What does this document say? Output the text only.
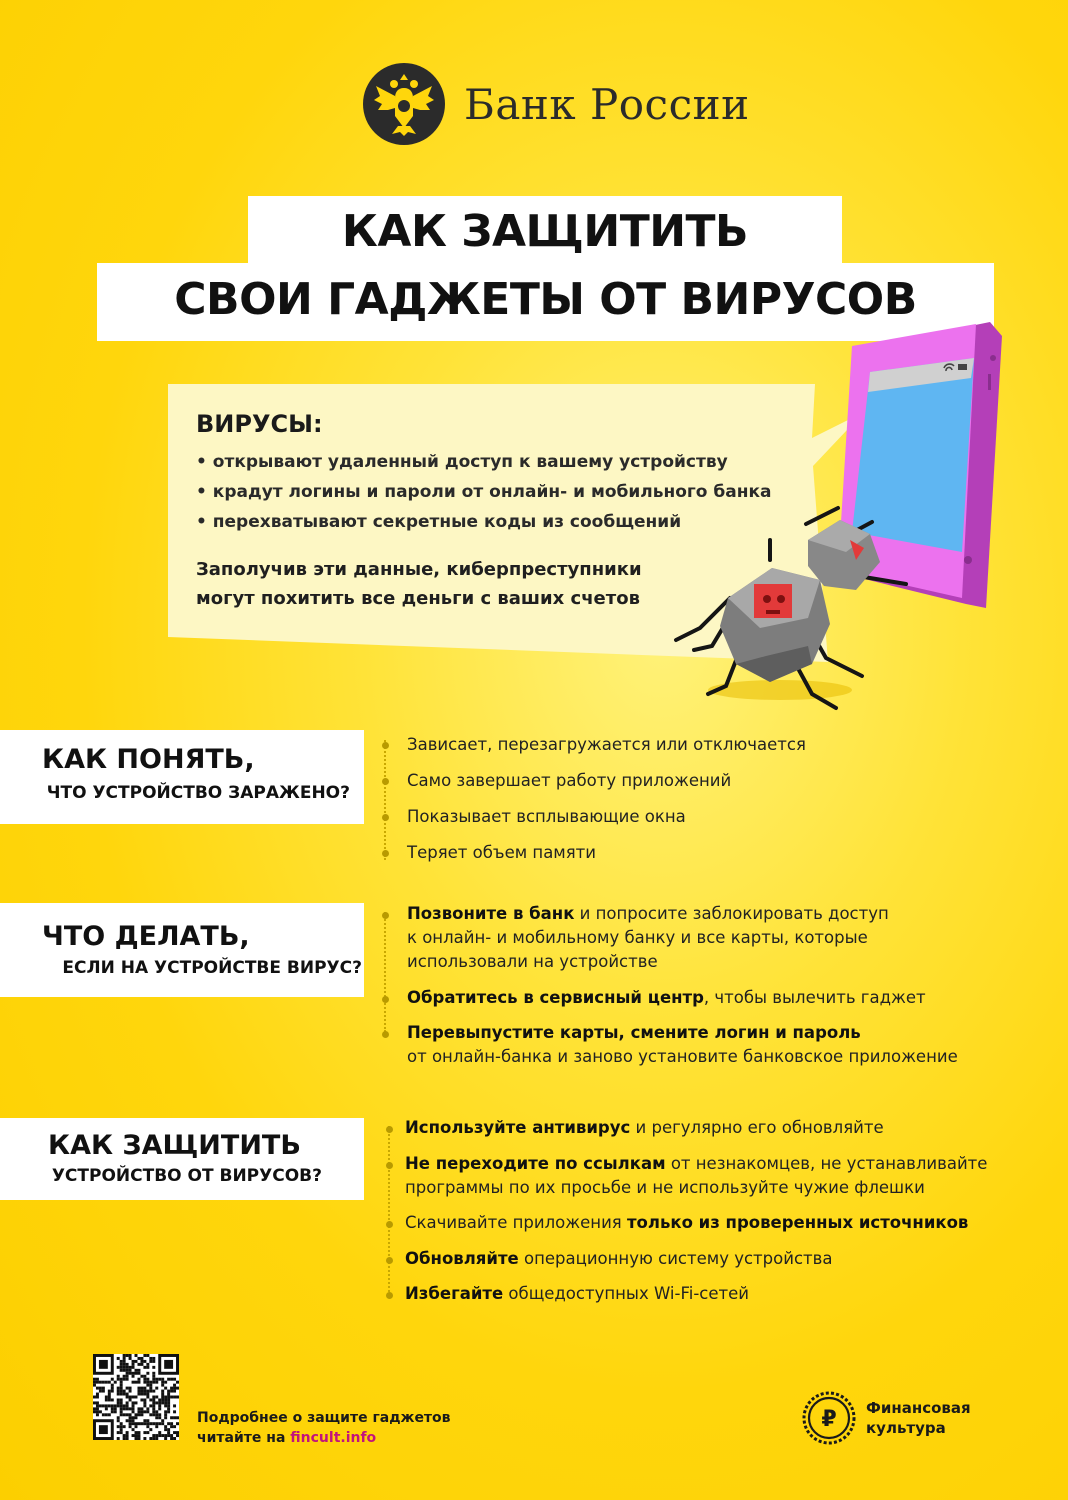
Банк России
КАК ЗАЩИТИТЬ
СВОИ ГАДЖЕТЫ ОТ ВИРУСОВ
ВИРУСЫ:
• открывают удаленный доступ к вашему устройству
• крадут логины и пароли от онлайн- и мобильного банка
• перехватывают секретные коды из сообщений
Заполучив эти данные, киберпреступники
могут похитить все деньги с ваших счетов
КАК ПОНЯТЬ,
ЧТО УСТРОЙСТВО ЗАРАЖЕНО?
Зависает, перезагружается или отключается
Само завершает работу приложений
Показывает всплывающие окна
Теряет объем памяти
ЧТО ДЕЛАТЬ,
ЕСЛИ НА УСТРОЙСТВЕ ВИРУС?
Позвоните в банк и попросите заблокировать доступ
к онлайн- и мобильному банку и все карты, которые
использовали на устройстве
Обратитесь в сервисный центр, чтобы вылечить гаджет
Перевыпустите карты, смените логин и пароль
от онлайн-банка и заново установите банковское приложение
КАК ЗАЩИТИТЬ
УСТРОЙСТВО ОТ ВИРУСОВ?
Используйте антивирус и регулярно его обновляйте
Не переходите по ссылкам от незнакомцев, не устанавливайте
программы по их просьбе и не используйте чужие флешки
Скачивайте приложения только из проверенных источников
Обновляйте операционную систему устройства
Избегайте общедоступных Wi-Fi-сетей
Подробнее о защите гаджетов
читайте на fincult.info
₽ Финансовая
культура
